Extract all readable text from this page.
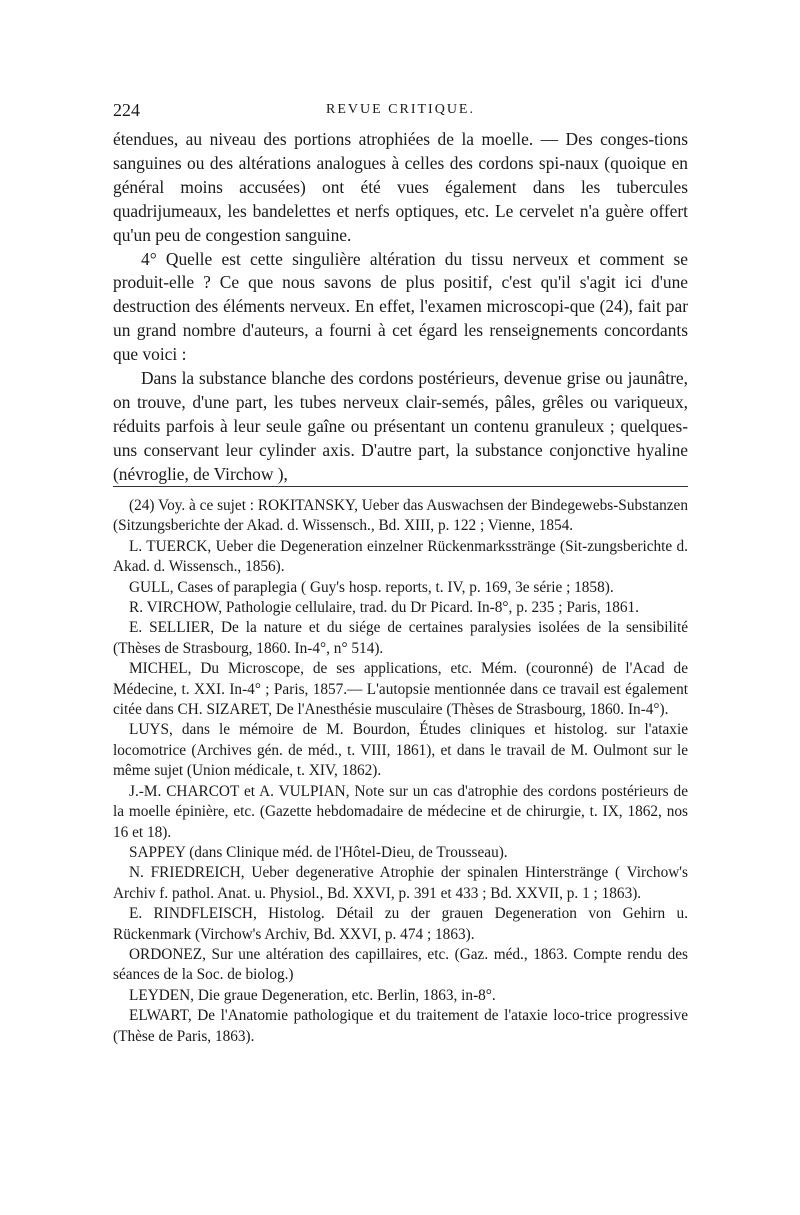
224	REVUE CRITIQUE.

étendues, au niveau des portions atrophiées de la moelle. — Des conges-tions sanguines ou des altérations analogues à celles des cordons spi-naux (quoique en général moins accusées) ont été vues également dans les tubercules quadrijumeaux, les bandelettes et nerfs optiques, etc. Le cervelet n'a guère offert qu'un peu de congestion sanguine.

4° Quelle est cette singulière altération du tissu nerveux et comment se produit-elle ? Ce que nous savons de plus positif, c'est qu'il s'agit ici d'une destruction des éléments nerveux. En effet, l'examen microscopi-que (24), fait par un grand nombre d'auteurs, a fourni à cet égard les renseignements concordants que voici :

Dans la substance blanche des cordons postérieurs, devenue grise ou jaunâtre, on trouve, d'une part, les tubes nerveux clair-semés, pâles, grêles ou variqueux, réduits parfois à leur seule gaîne ou présentant un contenu granuleux ; quelques-uns conservant leur cylinder axis. D'autre part, la substance conjonctive hyaline (névroglie, de Virchow ),

(24) Voy. à ce sujet : ROKITANSKY, Ueber das Auswachsen der Bindegewebs-Substanzen (Sitzungsberichte der Akad. d. Wissensch., Bd. XIII, p. 122 ; Vienne, 1854.

L. TUERCK, Ueber die Degeneration einzelner Rückenmarksstränge (Sit-zungsberichte d. Akad. d. Wissensch., 1856).

GULL, Cases of paraplegia ( Guy's hosp. reports, t. IV, p. 169, 3e série ; 1858).

R. VIRCHOW, Pathologie cellulaire, trad. du Dr Picard. In-8°, p. 235 ; Paris, 1861.

E. SELLIER, De la nature et du siége de certaines paralysies isolées de la sensibilité (Thèses de Strasbourg, 1860. In-4°, n° 514).

MICHEL, Du Microscope, de ses applications, etc. Mém. (couronné) de l'Acad de Médecine, t. XXI. In-4° ; Paris, 1857.— L'autopsie mentionnée dans ce travail est également citée dans CH. SIZARET, De l'Anesthésie musculaire (Thèses de Strasbourg, 1860. In-4°).

LUYS, dans le mémoire de M. Bourdon, Études cliniques et histolog. sur l'ataxie locomotrice (Archives gén. de méd., t. VIII, 1861), et dans le travail de M. Oulmont sur le même sujet (Union médicale, t. XIV, 1862).

J.-M. CHARCOT et A. VULPIAN, Note sur un cas d'atrophie des cordons postérieurs de la moelle épinière, etc. (Gazette hebdomadaire de médecine et de chirurgie, t. IX, 1862, nos 16 et 18).

SAPPEY (dans Clinique méd. de l'Hôtel-Dieu, de Trousseau).

N. FRIEDREICH, Ueber degenerative Atrophie der spinalen Hinterstränge ( Virchow's Archiv f. pathol. Anat. u. Physiol., Bd. XXVI, p. 391 et 433 ; Bd. XXVII, p. 1 ; 1863).

E. RINDFLEISCH, Histolog. Détail zu der grauen Degeneration von Gehirn u. Rückenmark (Virchow's Archiv, Bd. XXVI, p. 474 ; 1863).

ORDONEZ, Sur une altération des capillaires, etc. (Gaz. méd., 1863. Compte rendu des séances de la Soc. de biolog.)

LEYDEN, Die graue Degeneration, etc. Berlin, 1863, in-8°.

ELWART, De l'Anatomie pathologique et du traitement de l'ataxie loco-trice progressive (Thèse de Paris, 1863).
